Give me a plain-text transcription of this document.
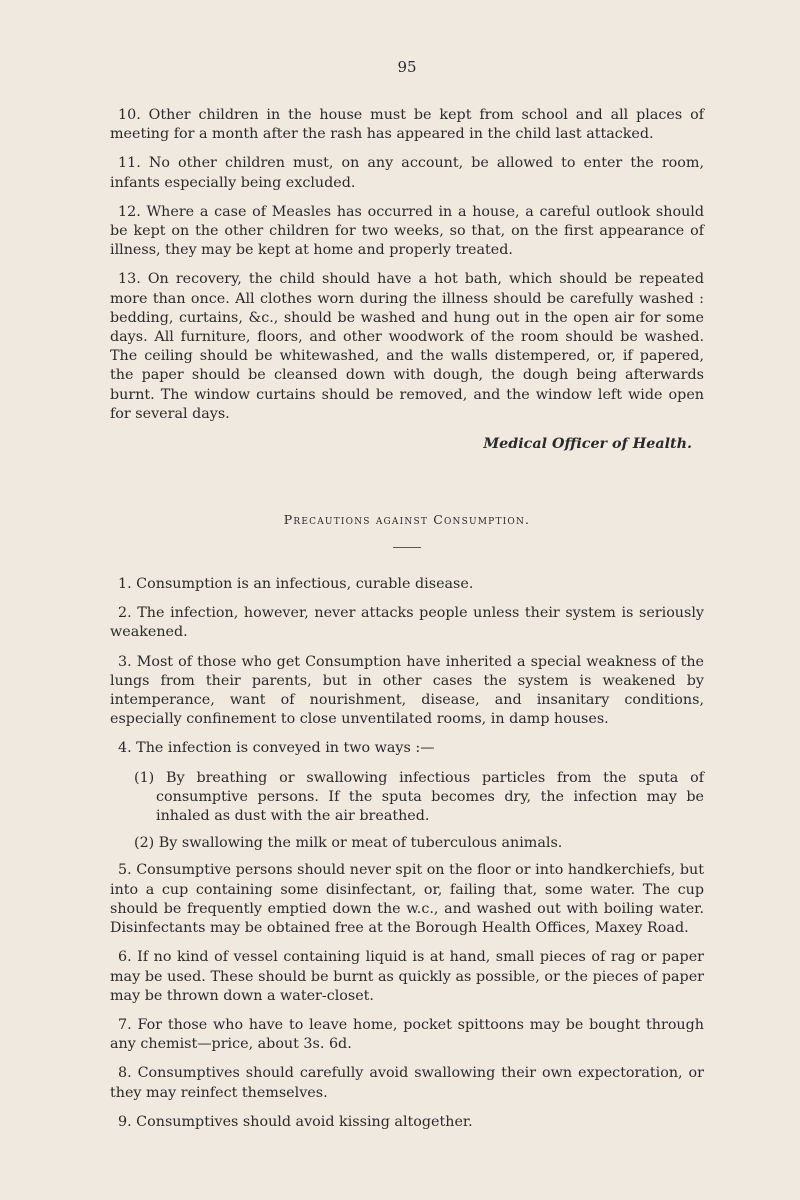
95

10. Other children in the house must be kept from school and all places of meeting for a month after the rash has appeared in the child last attacked.

11. No other children must, on any account, be allowed to enter the room, infants especially being excluded.

12. Where a case of Measles has occurred in a house, a careful outlook should be kept on the other children for two weeks, so that, on the first appearance of illness, they may be kept at home and properly treated.

13. On recovery, the child should have a hot bath, which should be repeated more than once. All clothes worn during the illness should be carefully washed : bedding, curtains, &c., should be washed and hung out in the open air for some days. All furniture, floors, and other woodwork of the room should be washed. The ceiling should be whitewashed, and the walls distempered, or, if papered, the paper should be cleansed down with dough, the dough being afterwards burnt. The window curtains should be removed, and the window left wide open for several days.

Medical Officer of Health.
Precautions against Consumption.

1. Consumption is an infectious, curable disease.

2. The infection, however, never attacks people unless their system is seriously weakened.

3. Most of those who get Consumption have inherited a special weakness of the lungs from their parents, but in other cases the system is weakened by intemperance, want of nourishment, disease, and insanitary conditions, especially confinement to close unventilated rooms, in damp houses.

4. The infection is conveyed in two ways :—

(1) By breathing or swallowing infectious particles from the sputa of consumptive persons. If the sputa becomes dry, the infection may be inhaled as dust with the air breathed.

(2) By swallowing the milk or meat of tuberculous animals.

5. Consumptive persons should never spit on the floor or into handkerchiefs, but into a cup containing some disinfectant, or, failing that, some water. The cup should be frequently emptied down the w.c., and washed out with boiling water. Disinfectants may be obtained free at the Borough Health Offices, Maxey Road.

6. If no kind of vessel containing liquid is at hand, small pieces of rag or paper may be used. These should be burnt as quickly as possible, or the pieces of paper may be thrown down a water-closet.

7. For those who have to leave home, pocket spittoons may be bought through any chemist—price, about 3s. 6d.

8. Consumptives should carefully avoid swallowing their own expectoration, or they may reinfect themselves.

9. Consumptives should avoid kissing altogether.
